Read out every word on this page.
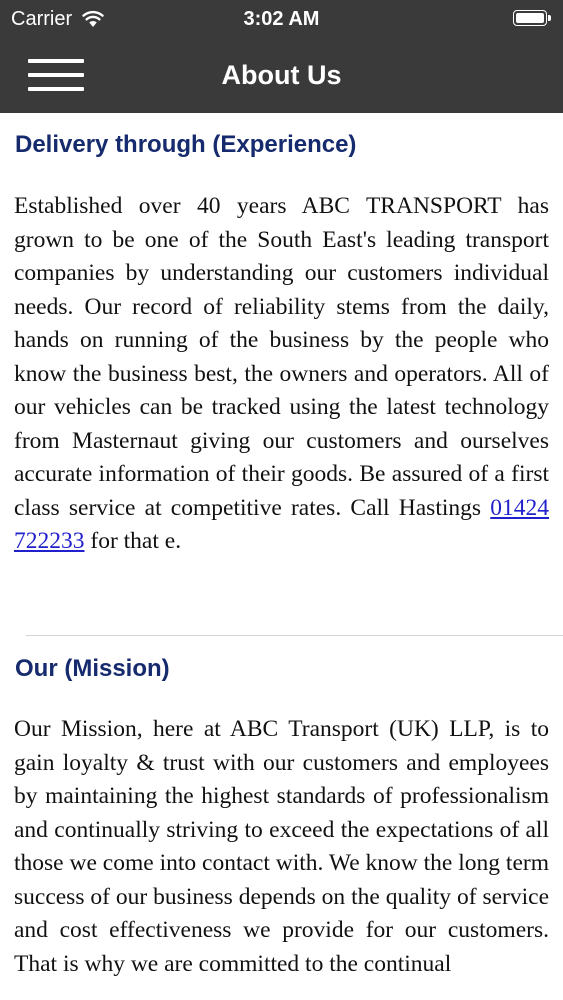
Carrier	3:02 AM
About Us
Delivery through (Experience)

Established over 40 years ABC TRANSPORT has grown to be one of the South East's leading transport companies by understanding our customers individual needs. Our record of reliability stems from the daily, hands on running of the business by the people who know the business best, the owners and operators. All of our vehicles can be tracked using the latest technology from Masternaut giving our customers and ourselves accurate information of their goods. Be assured of a first class service at competitive rates. Call Hastings 01424 722233 for that e.

Our (Mission)

Our Mission, here at ABC Transport (UK) LLP, is to gain loyalty & trust with our customers and employees by maintaining the highest standards of professionalism and continually striving to exceed the expectations of all those we come into contact with. We know the long term success of our business depends on the quality of service and cost effectiveness we provide for our customers. That is why we are committed to the continual
